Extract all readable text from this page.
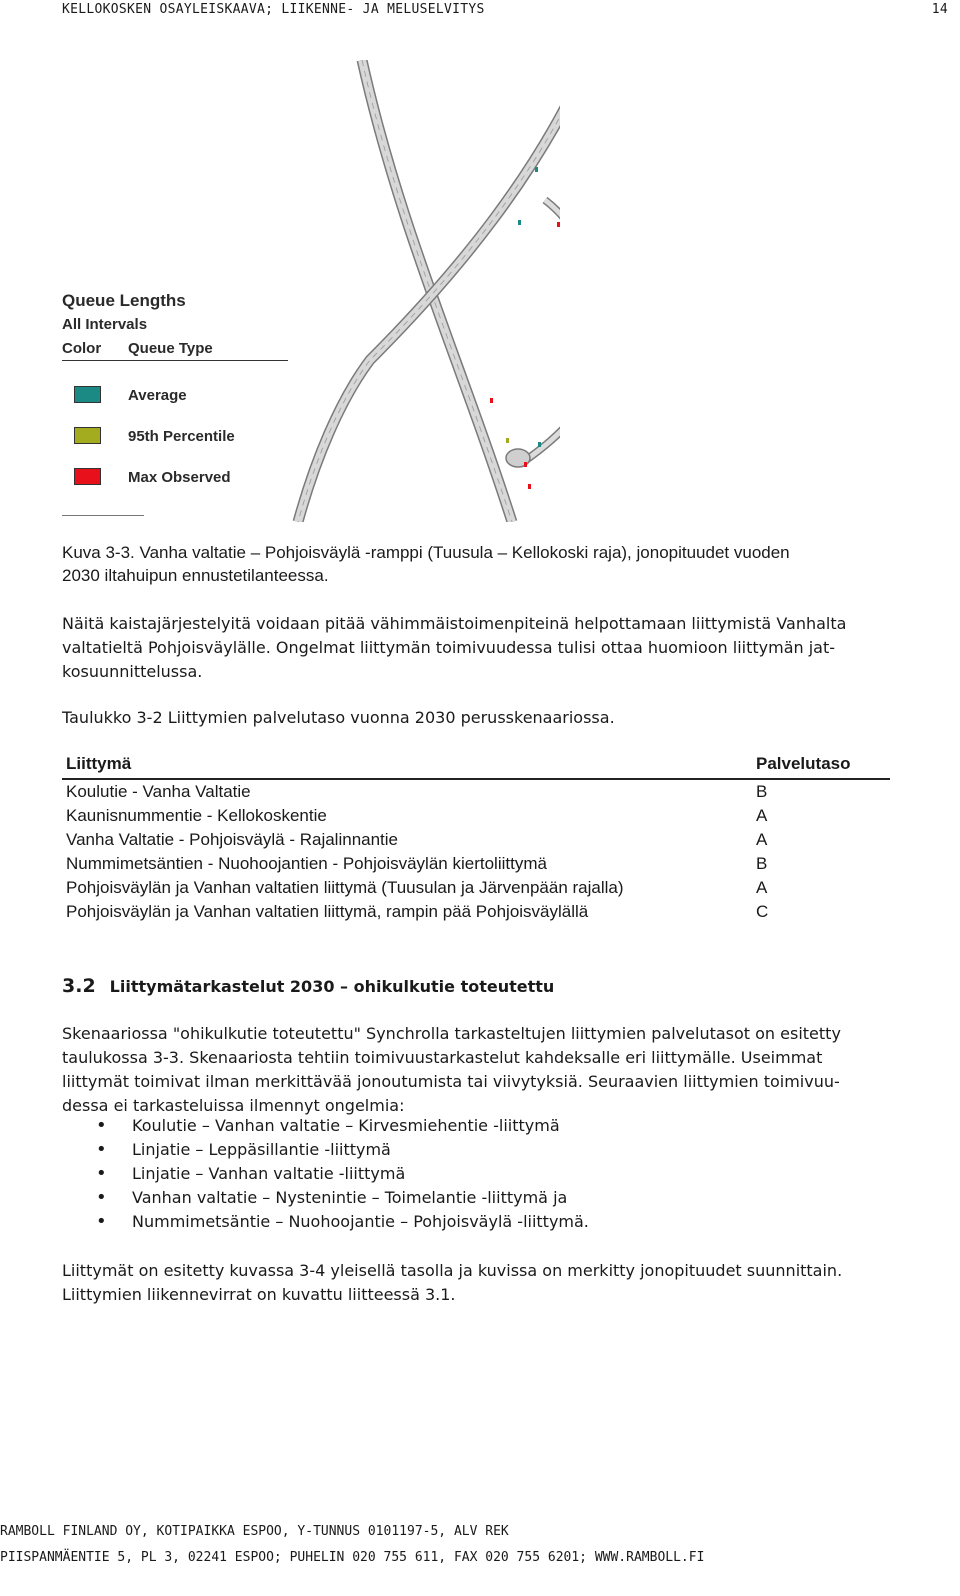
KELLOKOSKEN OSAYLEISKAAVA; LIIKENNE- JA MELUSELVITYS	14
Queue Lengths
All Intervals
Color Queue Type
Average
95th Percentile
Max Observed
Kuva 3-3. Vanha valtatie – Pohjoisväylä -ramppi (Tuusula – Kellokoski raja), jonopituudet vuoden
2030 iltahuipun ennustetilanteessa.
Näitä kaistajärjestelyitä voidaan pitää vähimmäistoimenpiteinä helpottamaan liittymistä Vanhalta
valtatieltä Pohjoisväylälle. Ongelmat liittymän toimivuudessa tulisi ottaa huomioon liittymän jat-
kosuunnittelussa.
Taulukko 3-2 Liittymien palvelutaso vuonna 2030 perusskenaariossa.
Liittymä	Palvelutaso
Koulutie - Vanha Valtatie	B
Kaunisnummentie - Kellokoskentie	A
Vanha Valtatie - Pohjoisväylä - Rajalinnantie	A
Nummimetsäntien - Nuohoojantien - Pohjoisväylän kiertoliittymä	B
Pohjoisväylän ja Vanhan valtatien liittymä (Tuusulan ja Järvenpään rajalla)	A
Pohjoisväylän ja Vanhan valtatien liittymä, rampin pää Pohjoisväylällä	C
3.2 Liittymätarkastelut 2030 – ohikulkutie toteutettu
Skenaariossa "ohikulkutie toteutettu" Synchrolla tarkasteltujen liittymien palvelutasot on esitetty
taulukossa 3-3. Skenaariosta tehtiin toimivuustarkastelut kahdeksalle eri liittymälle. Useimmat
liittymät toimivat ilman merkittävää jonoutumista tai viivytyksiä. Seuraavien liittymien toimivuu-
dessa ei tarkasteluissa ilmennyt ongelmia:
• Koulutie – Vanhan valtatie – Kirvesmiehentie -liittymä
• Linjatie – Leppäsillantie -liittymä
• Linjatie – Vanhan valtatie -liittymä
• Vanhan valtatie – Nystenintie – Toimelantie -liittymä ja
• Nummimetsäntie – Nuohoojantie – Pohjoisväylä -liittymä.
Liittymät on esitetty kuvassa 3-4 yleisellä tasolla ja kuvissa on merkitty jonopituudet suunnittain.
Liittymien liikennevirrat on kuvattu liitteessä 3.1.
RAMBOLL FINLAND OY, KOTIPAIKKA ESPOO, Y-TUNNUS 0101197-5, ALV REK
PIISPANMÄENTIE 5, PL 3, 02241 ESPOO; PUHELIN 020 755 611, FAX 020 755 6201; WWW.RAMBOLL.FI
